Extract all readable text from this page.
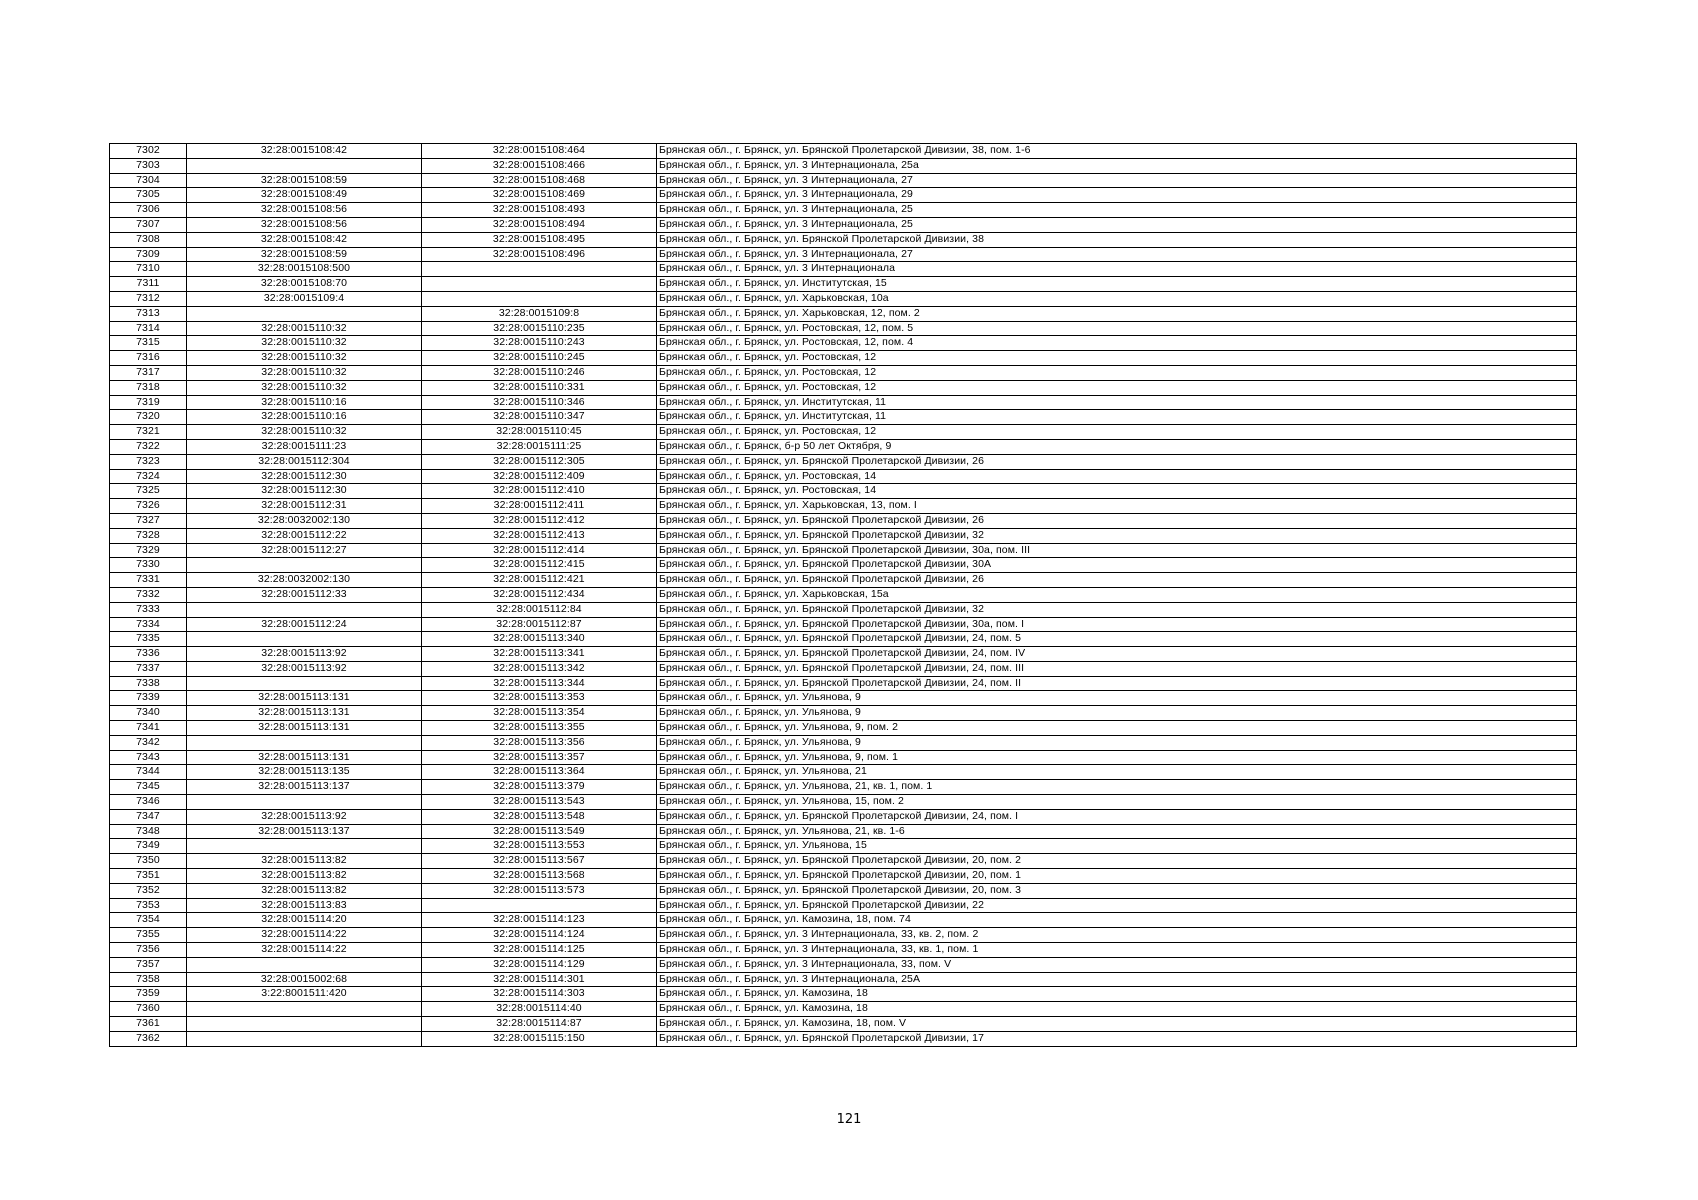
7302	32:28:0015108:42	32:28:0015108:464	Брянская обл., г. Брянск, ул. Брянской Пролетарской Дивизии, 38, пом. 1-6
7303		32:28:0015108:466	Брянская обл., г. Брянск, ул. 3 Интернационала, 25а
7304	32:28:0015108:59	32:28:0015108:468	Брянская обл., г. Брянск, ул. 3 Интернационала, 27
7305	32:28:0015108:49	32:28:0015108:469	Брянская обл., г. Брянск, ул. 3 Интернационала, 29
7306	32:28:0015108:56	32:28:0015108:493	Брянская обл., г. Брянск, ул. 3 Интернационала, 25
7307	32:28:0015108:56	32:28:0015108:494	Брянская обл., г. Брянск, ул. 3 Интернационала, 25
7308	32:28:0015108:42	32:28:0015108:495	Брянская обл., г. Брянск, ул. Брянской Пролетарской Дивизии, 38
7309	32:28:0015108:59	32:28:0015108:496	Брянская обл., г. Брянск, ул. 3 Интернационала, 27
7310	32:28:0015108:500		Брянская обл., г. Брянск, ул. 3 Интернационала
7311	32:28:0015108:70		Брянская обл., г. Брянск, ул. Институтская, 15
7312	32:28:0015109:4		Брянская обл., г. Брянск, ул. Харьковская, 10а
7313		32:28:0015109:8	Брянская обл., г. Брянск, ул. Харьковская, 12, пом. 2
7314	32:28:0015110:32	32:28:0015110:235	Брянская обл., г. Брянск, ул. Ростовская, 12, пом. 5
7315	32:28:0015110:32	32:28:0015110:243	Брянская обл., г. Брянск, ул. Ростовская, 12, пом. 4
7316	32:28:0015110:32	32:28:0015110:245	Брянская обл., г. Брянск, ул. Ростовская, 12
7317	32:28:0015110:32	32:28:0015110:246	Брянская обл., г. Брянск, ул. Ростовская, 12
7318	32:28:0015110:32	32:28:0015110:331	Брянская обл., г. Брянск, ул. Ростовская, 12
7319	32:28:0015110:16	32:28:0015110:346	Брянская обл., г. Брянск, ул. Институтская, 11
7320	32:28:0015110:16	32:28:0015110:347	Брянская обл., г. Брянск, ул. Институтская, 11
7321	32:28:0015110:32	32:28:0015110:45	Брянская обл., г. Брянск, ул. Ростовская, 12
7322	32:28:0015111:23	32:28:0015111:25	Брянская обл., г. Брянск, б-р 50 лет Октября, 9
7323	32:28:0015112:304	32:28:0015112:305	Брянская обл., г. Брянск, ул. Брянской Пролетарской Дивизии, 26
7324	32:28:0015112:30	32:28:0015112:409	Брянская обл., г. Брянск, ул. Ростовская, 14
7325	32:28:0015112:30	32:28:0015112:410	Брянская обл., г. Брянск, ул. Ростовская, 14
7326	32:28:0015112:31	32:28:0015112:411	Брянская обл., г. Брянск, ул. Харьковская, 13, пом. I
7327	32:28:0032002:130	32:28:0015112:412	Брянская обл., г. Брянск, ул. Брянской Пролетарской Дивизии, 26
7328	32:28:0015112:22	32:28:0015112:413	Брянская обл., г. Брянск, ул. Брянской Пролетарской Дивизии, 32
7329	32:28:0015112:27	32:28:0015112:414	Брянская обл., г. Брянск, ул. Брянской Пролетарской Дивизии, 30а, пом. III
7330		32:28:0015112:415	Брянская обл., г. Брянск, ул. Брянской Пролетарской Дивизии, 30А
7331	32:28:0032002:130	32:28:0015112:421	Брянская обл., г. Брянск, ул. Брянской Пролетарской Дивизии, 26
7332	32:28:0015112:33	32:28:0015112:434	Брянская обл., г. Брянск, ул. Харьковская, 15а
7333		32:28:0015112:84	Брянская обл., г. Брянск, ул. Брянской Пролетарской Дивизии, 32
7334	32:28:0015112:24	32:28:0015112:87	Брянская обл., г. Брянск, ул. Брянской Пролетарской Дивизии, 30а, пом. I
7335		32:28:0015113:340	Брянская обл., г. Брянск, ул. Брянской Пролетарской Дивизии, 24, пом. 5
7336	32:28:0015113:92	32:28:0015113:341	Брянская обл., г. Брянск, ул. Брянской Пролетарской Дивизии, 24, пом. IV
7337	32:28:0015113:92	32:28:0015113:342	Брянская обл., г. Брянск, ул. Брянской Пролетарской Дивизии, 24, пом. III
7338		32:28:0015113:344	Брянская обл., г. Брянск, ул. Брянской Пролетарской Дивизии, 24, пом. II
7339	32:28:0015113:131	32:28:0015113:353	Брянская обл., г. Брянск, ул. Ульянова, 9
7340	32:28:0015113:131	32:28:0015113:354	Брянская обл., г. Брянск, ул. Ульянова, 9
7341	32:28:0015113:131	32:28:0015113:355	Брянская обл., г. Брянск, ул. Ульянова, 9, пом. 2
7342		32:28:0015113:356	Брянская обл., г. Брянск, ул. Ульянова, 9
7343	32:28:0015113:131	32:28:0015113:357	Брянская обл., г. Брянск, ул. Ульянова, 9, пом. 1
7344	32:28:0015113:135	32:28:0015113:364	Брянская обл., г. Брянск, ул. Ульянова, 21
7345	32:28:0015113:137	32:28:0015113:379	Брянская обл., г. Брянск, ул. Ульянова, 21, кв. 1, пом. 1
7346		32:28:0015113:543	Брянская обл., г. Брянск, ул. Ульянова, 15, пом. 2
7347	32:28:0015113:92	32:28:0015113:548	Брянская обл., г. Брянск, ул. Брянской Пролетарской Дивизии, 24, пом. I
7348	32:28:0015113:137	32:28:0015113:549	Брянская обл., г. Брянск, ул. Ульянова, 21, кв. 1-6
7349		32:28:0015113:553	Брянская обл., г. Брянск, ул. Ульянова, 15
7350	32:28:0015113:82	32:28:0015113:567	Брянская обл., г. Брянск, ул. Брянской Пролетарской Дивизии, 20, пом. 2
7351	32:28:0015113:82	32:28:0015113:568	Брянская обл., г. Брянск, ул. Брянской Пролетарской Дивизии, 20, пом. 1
7352	32:28:0015113:82	32:28:0015113:573	Брянская обл., г. Брянск, ул. Брянской Пролетарской Дивизии, 20, пом. 3
7353	32:28:0015113:83		Брянская обл., г. Брянск, ул. Брянской Пролетарской Дивизии, 22
7354	32:28:0015114:20	32:28:0015114:123	Брянская обл., г. Брянск, ул. Камозина, 18, пом. 74
7355	32:28:0015114:22	32:28:0015114:124	Брянская обл., г. Брянск, ул. 3 Интернационала, 33, кв. 2, пом. 2
7356	32:28:0015114:22	32:28:0015114:125	Брянская обл., г. Брянск, ул. 3 Интернационала, 33, кв. 1, пом. 1
7357		32:28:0015114:129	Брянская обл., г. Брянск, ул. 3 Интернационала, 33, пом. V
7358	32:28:0015002:68	32:28:0015114:301	Брянская обл., г. Брянск, ул. 3 Интернационала, 25А
7359	3:22:8001511:420	32:28:0015114:303	Брянская обл., г. Брянск, ул. Камозина, 18
7360		32:28:0015114:40	Брянская обл., г. Брянск, ул. Камозина, 18
7361		32:28:0015114:87	Брянская обл., г. Брянск, ул. Камозина, 18, пом. V
7362		32:28:0015115:150	Брянская обл., г. Брянск, ул. Брянской Пролетарской Дивизии, 17
121
